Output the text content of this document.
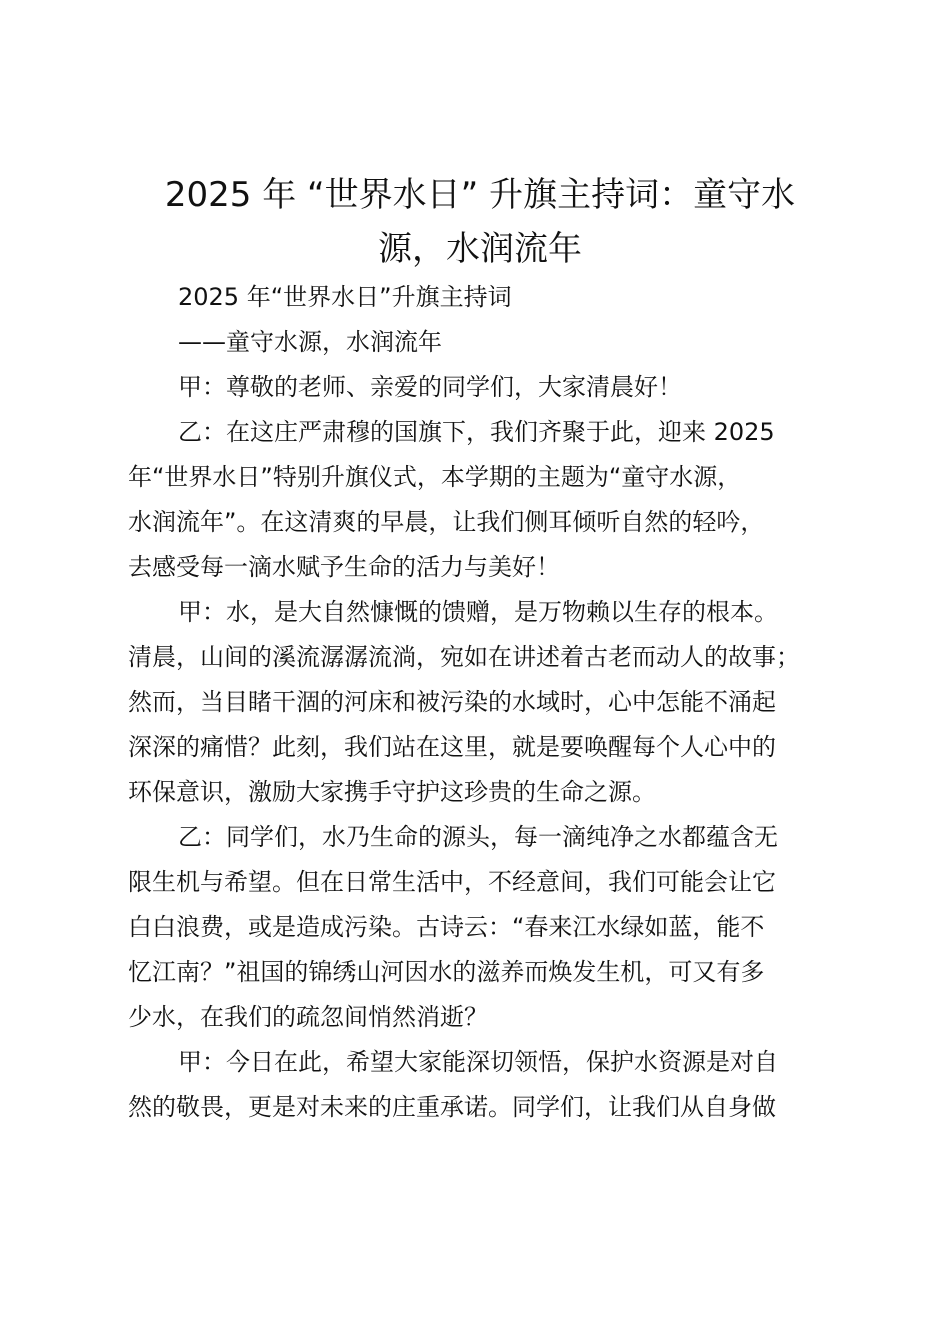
2025 年 “世界水日” 升旗主持词：童守水
源，水润流年
2025 年“世界水日”升旗主持词
——童守水源，水润流年
甲：尊敬的老师、亲爱的同学们，大家清晨好！
乙：在这庄严肃穆的国旗下，我们齐聚于此，迎来 2025
年“世界水日”特别升旗仪式，本学期的主题为“童守水源，
水润流年”。在这清爽的早晨，让我们侧耳倾听自然的轻吟，
去感受每一滴水赋予生命的活力与美好！
甲：水，是大自然慷慨的馈赠，是万物赖以生存的根本。
清晨，山间的溪流潺潺流淌，宛如在讲述着古老而动人的故事；
然而，当目睹干涸的河床和被污染的水域时，心中怎能不涌起
深深的痛惜？此刻，我们站在这里，就是要唤醒每个人心中的
环保意识，激励大家携手守护这珍贵的生命之源。
乙：同学们，水乃生命的源头，每一滴纯净之水都蕴含无
限生机与希望。但在日常生活中，不经意间，我们可能会让它
白白浪费，或是造成污染。古诗云：“春来江水绿如蓝，能不
忆江南？”祖国的锦绣山河因水的滋养而焕发生机，可又有多
少水，在我们的疏忽间悄然消逝？
甲：今日在此，希望大家能深切领悟，保护水资源是对自
然的敬畏，更是对未来的庄重承诺。同学们，让我们从自身做
